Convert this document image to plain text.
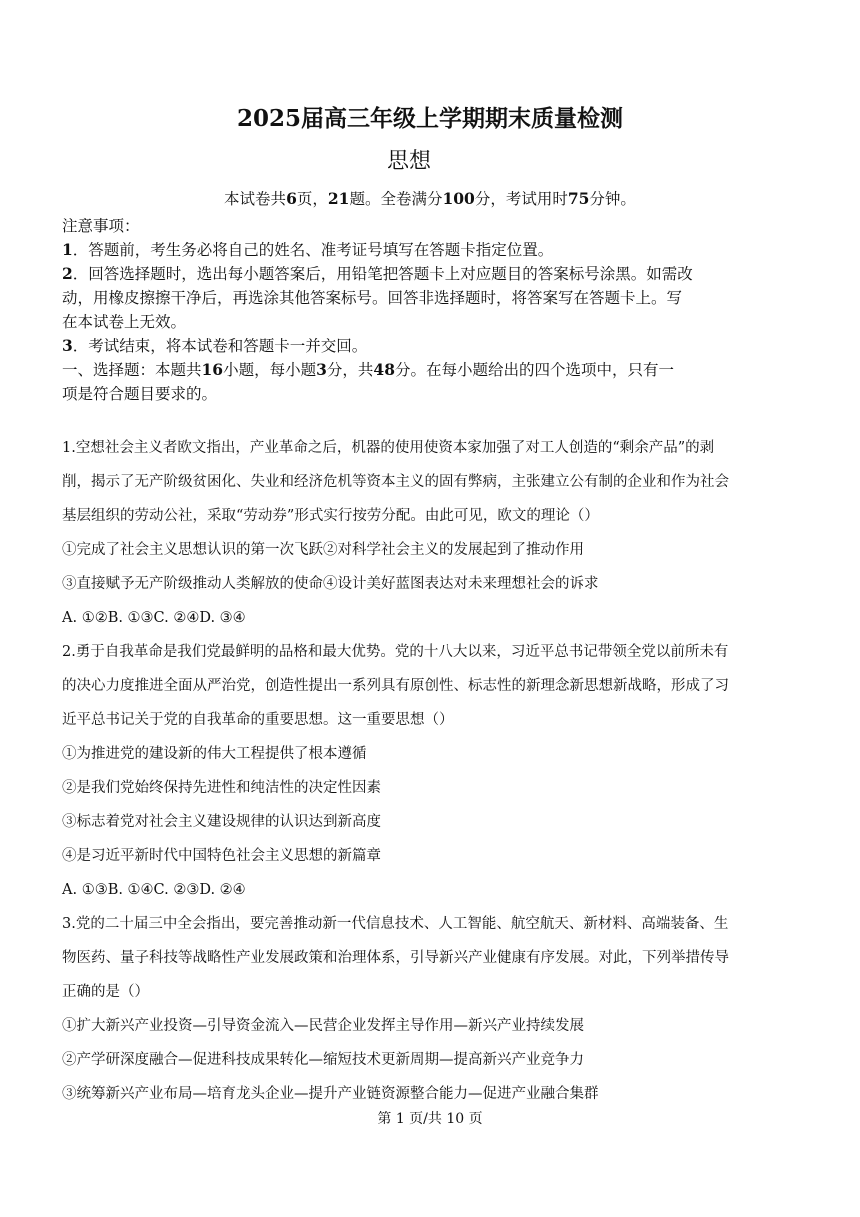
2025届高三年级上学期期末质量检测
思想
本试卷共6页，21题。全卷满分100分，考试用时75分钟。
注意事项：
1．答题前，考生务必将自己的姓名、准考证号填写在答题卡指定位置。
2．回答选择题时，选出每小题答案后，用铅笔把答题卡上对应题目的答案标号涂黑。如需改
动，用橡皮擦擦干净后，再选涂其他答案标号。回答非选择题时，将答案写在答题卡上。写
在本试卷上无效。
3．考试结束，将本试卷和答题卡一并交回。
一、选择题：本题共16小题，每小题3分，共48分。在每小题给出的四个选项中，只有一
项是符合题目要求的。
1.空想社会主义者欧文指出，产业革命之后，机器的使用使资本家加强了对工人创造的“剩余产品”的剥
削，揭示了无产阶级贫困化、失业和经济危机等资本主义的固有弊病，主张建立公有制的企业和作为社会
基层组织的劳动公社，采取“劳动券”形式实行按劳分配。由此可见，欧文的理论（）
①完成了社会主义思想认识的第一次飞跃②对科学社会主义的发展起到了推动作用
③直接赋予无产阶级推动人类解放的使命④设计美好蓝图表达对未来理想社会的诉求
A. ①②B. ①③C. ②④D. ③④
2.勇于自我革命是我们党最鲜明的品格和最大优势。党的十八大以来，习近平总书记带领全党以前所未有
的决心力度推进全面从严治党，创造性提出一系列具有原创性、标志性的新理念新思想新战略，形成了习
近平总书记关于党的自我革命的重要思想。这一重要思想（）
①为推进党的建设新的伟大工程提供了根本遵循
②是我们党始终保持先进性和纯洁性的决定性因素
③标志着党对社会主义建设规律的认识达到新高度
④是习近平新时代中国特色社会主义思想的新篇章
A. ①③B. ①④C. ②③D. ②④
3.党的二十届三中全会指出，要完善推动新一代信息技术、人工智能、航空航天、新材料、高端装备、生
物医药、量子科技等战略性产业发展政策和治理体系，引导新兴产业健康有序发展。对此，下列举措传导
正确的是（）
①扩大新兴产业投资—引导资金流入—民营企业发挥主导作用—新兴产业持续发展
②产学研深度融合—促进科技成果转化—缩短技术更新周期—提高新兴产业竞争力
③统筹新兴产业布局—培育龙头企业—提升产业链资源整合能力—促进产业融合集群
第 1 页/共 10 页
